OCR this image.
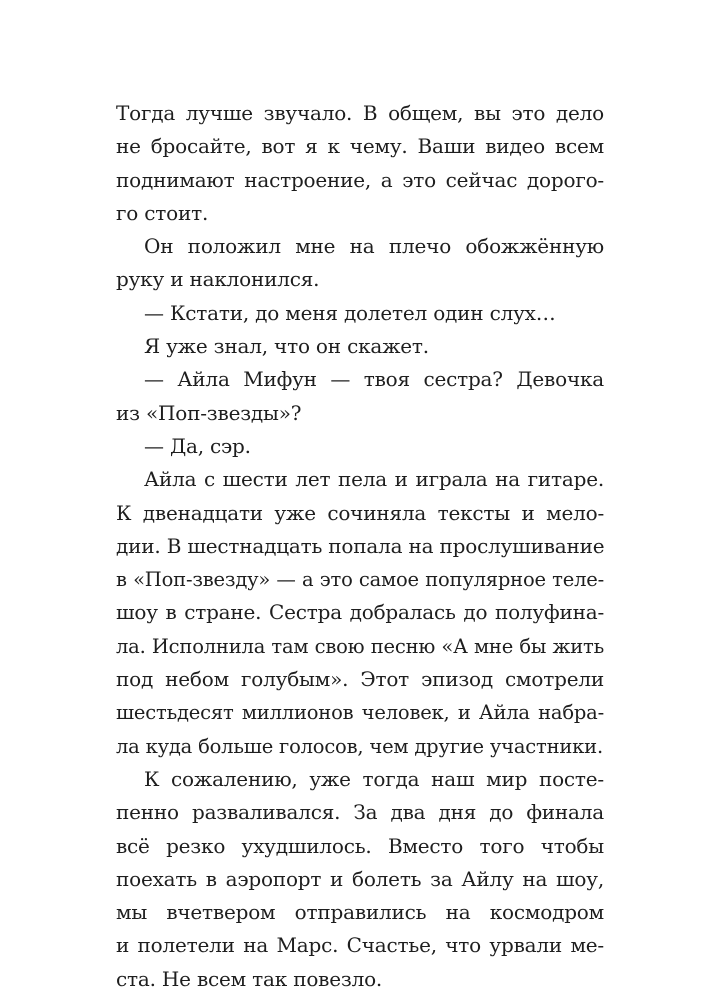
Тогда лучше звучало. В общем, вы это дело
не бросайте, вот я к чему. Ваши видео всем
поднимают настроение, а это сейчас дорого-
го стоит.
Он положил мне на плечо обожжённую
руку и наклонился.
— Кстати, до меня долетел один слух…
Я уже знал, что он скажет.
— Айла Мифун — твоя сестра? Девочка
из «Поп-звезды»?
— Да, сэр.
Айла с шести лет пела и играла на гитаре.
К двенадцати уже сочиняла тексты и мело-
дии. В шестнадцать попала на прослушивание
в «Поп-звезду» — а это самое популярное теле-
шоу в стране. Сестра добралась до полуфина-
ла. Исполнила там свою песню «А мне бы жить
под небом голубым». Этот эпизод смотрели
шестьдесят миллионов человек, и Айла набра-
ла куда больше голосов, чем другие участники.
К сожалению, уже тогда наш мир посте-
пенно разваливался. За два дня до финала
всё резко ухудшилось. Вместо того чтобы
поехать в аэропорт и болеть за Айлу на шоу,
мы вчетвером отправились на космодром
и полетели на Марс. Счастье, что урвали ме-
ста. Не всем так повезло.
